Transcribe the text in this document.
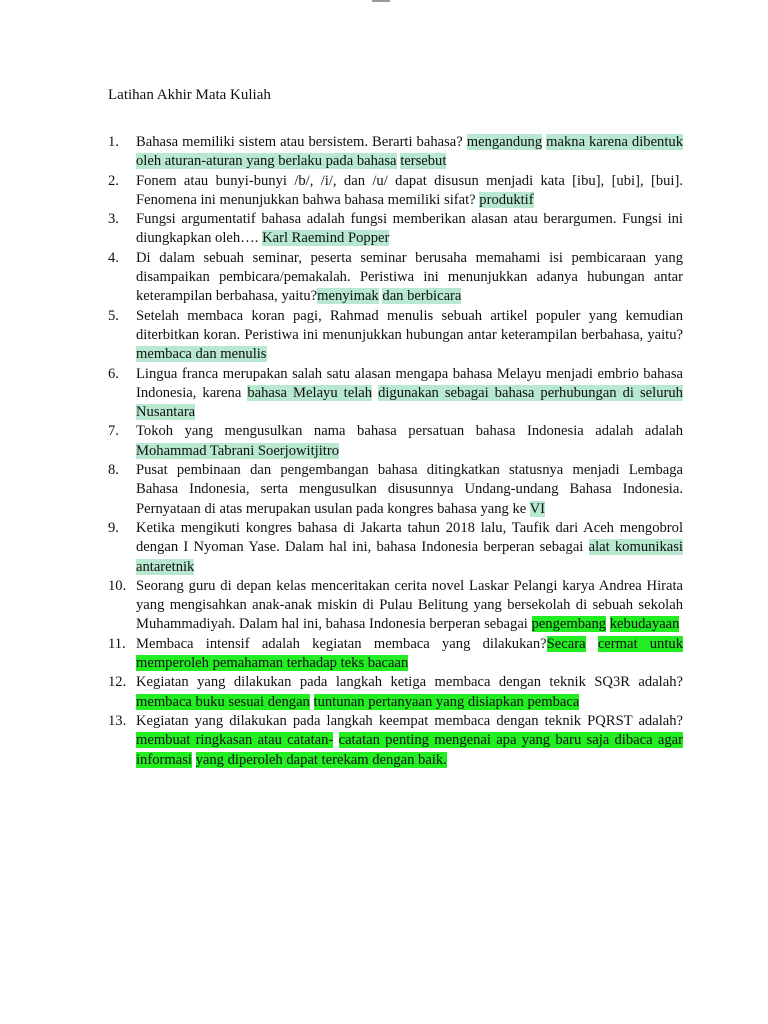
Latihan Akhir Mata Kuliah
1.	Bahasa memiliki sistem atau bersistem. Berarti bahasa? mengandung makna karena dibentuk oleh aturan-aturan yang berlaku pada bahasa tersebut
2.	Fonem atau bunyi-bunyi /b/, /i/, dan /u/ dapat disusun menjadi kata [ibu], [ubi], [bui]. Fenomena ini menunjukkan bahwa bahasa memiliki sifat? produktif
3.	Fungsi argumentatif bahasa adalah fungsi memberikan alasan atau berargumen. Fungsi ini diungkapkan oleh…. Karl Raemind Popper
4.	Di dalam sebuah seminar, peserta seminar berusaha memahami isi pembicaraan yang disampaikan pembicara/pemakalah. Peristiwa ini menunjukkan adanya hubungan antar keterampilan berbahasa, yaitu?menyimak dan berbicara
5.	Setelah membaca koran pagi, Rahmad menulis sebuah artikel populer yang kemudian diterbitkan koran. Peristiwa ini menunjukkan hubungan antar keterampilan berbahasa, yaitu?membaca dan menulis
6.	Lingua franca merupakan salah satu alasan mengapa bahasa Melayu menjadi embrio bahasa Indonesia, karena bahasa Melayu telah digunakan sebagai bahasa perhubungan di seluruh Nusantara
7.	Tokoh yang mengusulkan nama bahasa persatuan bahasa Indonesia adalah adalah Mohammad Tabrani Soerjowitjitro
8.	Pusat pembinaan dan pengembangan bahasa ditingkatkan statusnya menjadi Lembaga Bahasa Indonesia, serta mengusulkan disusunnya Undang-undang Bahasa Indonesia. Pernyataan di atas merupakan usulan pada kongres bahasa yang ke VI
9.	Ketika mengikuti kongres bahasa di Jakarta tahun 2018 lalu, Taufik dari Aceh mengobrol dengan I Nyoman Yase. Dalam hal ini, bahasa Indonesia berperan sebagai alat komunikasi antaretnik
10. Seorang guru di depan kelas menceritakan cerita novel Laskar Pelangi karya Andrea Hirata yang mengisahkan anak-anak miskin di Pulau Belitung yang bersekolah di sebuah sekolah Muhammadiyah. Dalam hal ini, bahasa Indonesia berperan sebagai pengembang kebudayaan
11. Membaca intensif adalah kegiatan membaca yang dilakukan?Secara cermat untuk memperoleh pemahaman terhadap teks bacaan
12. Kegiatan yang dilakukan pada langkah ketiga membaca dengan teknik SQ3R adalah? membaca buku sesuai dengan tuntunan pertanyaan yang disiapkan pembaca
13. Kegiatan yang dilakukan pada langkah keempat membaca dengan teknik PQRST adalah? membuat ringkasan atau catatan- catatan penting mengenai apa yang baru saja dibaca agar informasi yang diperoleh dapat terekam dengan baik.
